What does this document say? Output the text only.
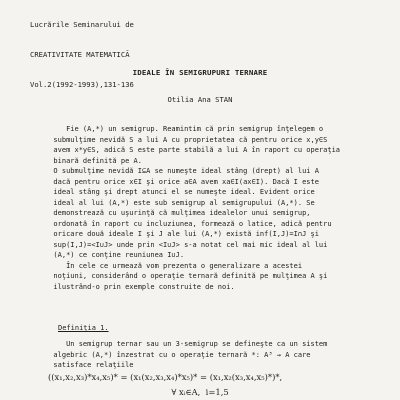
Lucrările Seminarului de

CREATIVITATE MATEMATICĂ

Vol.2(1992-1993),131-136

IDEALE ÎN SEMIGRUPURI TERNARE
Otilia Ana STAN
Fie (A,*) un semigrup. Reamintim că prin semigrup înţelegem o
submulţime nevidă S a lui A cu proprietatea că pentru orice x,y∈S
avem x*y∈S, adică S este parte stabilă a lui A în raport cu operaţia
binară definită pe A.
O submulţime nevidă I⊆A se numeşte ideal stâng (drept) al lui A
dacă pentru orice x∈I şi orice a∈A avem xa∈I(ax∈I). Dacă I este
ideal stâng şi drept atunci el se numeşte ideal. Evident orice
ideal al lui (A,*) este sub semigrup al semigrupului (A,*). Se
demonstrează cu uşurinţă că mulţimea idealelor unui semigrup,
ordonată în raport cu incluziunea, formează o latice, adică pentru
oricare două ideale I şi J ale lui (A,*) există inf(I,J)=I∩J şi
sup(I,J)=<I∪J> unde prin <I∪J> s-a notat cel mai mic ideal al lui
(A,*) ce conţine reuniunea I∪J.
În cele ce urmează vom prezenta o generalizare a acestei
noţiuni, considerând o operaţie ternară definită pe mulţimea A şi
ilustrând-o prin exemple construite de noi.
Definiţia 1.
Un semigrup ternar sau un 3-semigrup se defineşte ca un sistem
algebric (A,*) înzestrat cu o operaţie ternară *: A³ → A care
satisface relaţiile
((x₁,x₂,x₃)*x₄,x₅)* = (x₁(x₂,x₃,x₄)*x₅)* = (x₁,x₂(x₃,x₄,x₅)*)*,
∀ xᵢ∈A,  i=1,5
